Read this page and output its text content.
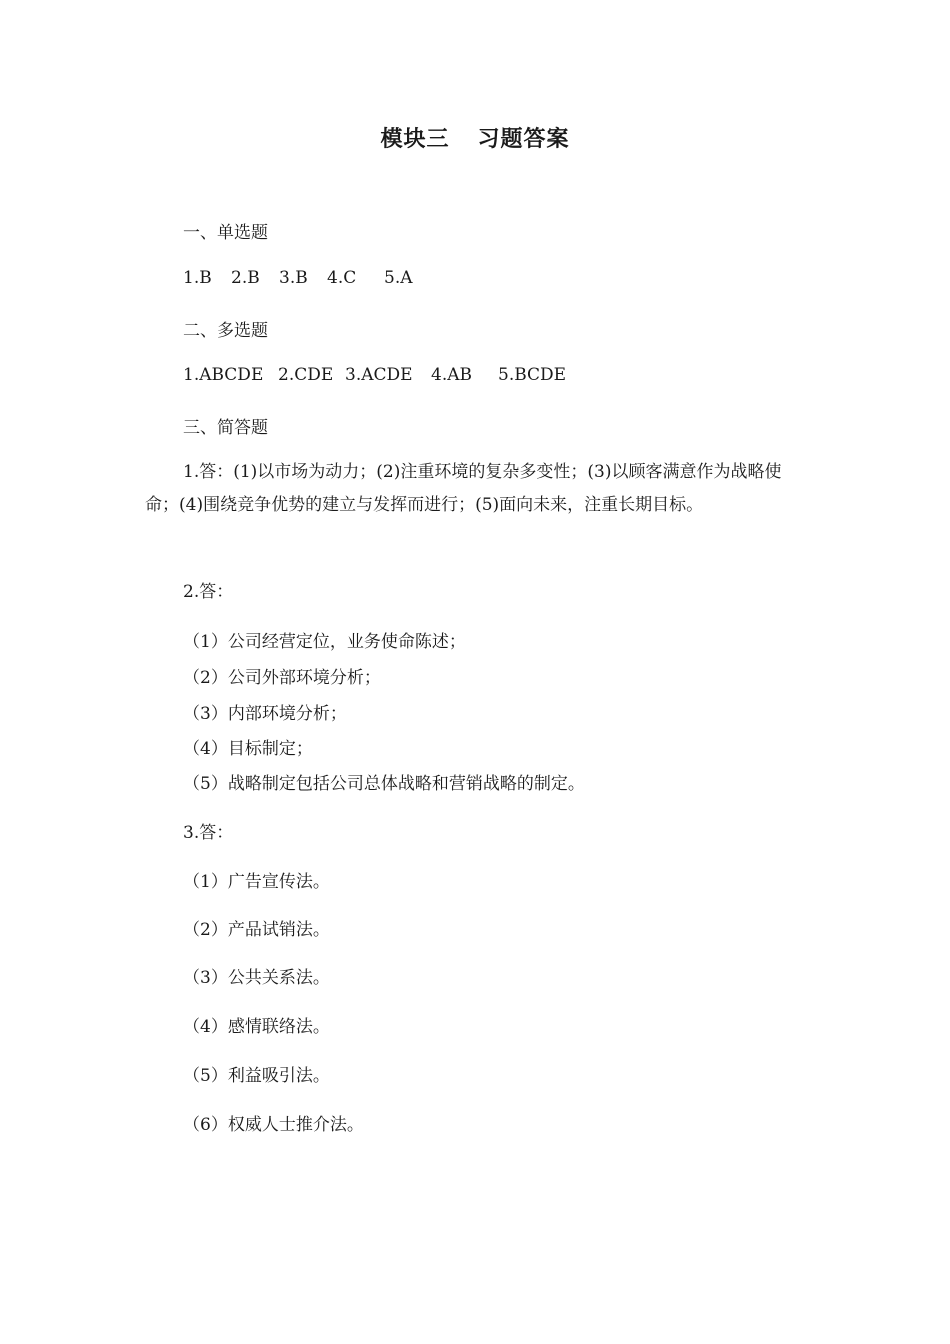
模块三 习题答案
一、单选题
1.B 2.B 3.B 4.C 5.A
二、多选题
1.ABCDE 2.CDE 3.ACDE 4.AB 5.BCDE
三、简答题
1.答：(1)以市场为动力；(2)注重环境的复杂多变性；(3)以顾客满意作为战略使命；(4)围绕竞争优势的建立与发挥而进行；(5)面向未来，注重长期目标。
2.答：
（1）公司经营定位，业务使命陈述；
（2）公司外部环境分析；
（3）内部环境分析；
（4）目标制定；
（5）战略制定包括公司总体战略和营销战略的制定。
3.答：
（1）广告宣传法。
（2）产品试销法。
（3）公共关系法。
（4）感情联络法。
（5）利益吸引法。
（6）权威人士推介法。
